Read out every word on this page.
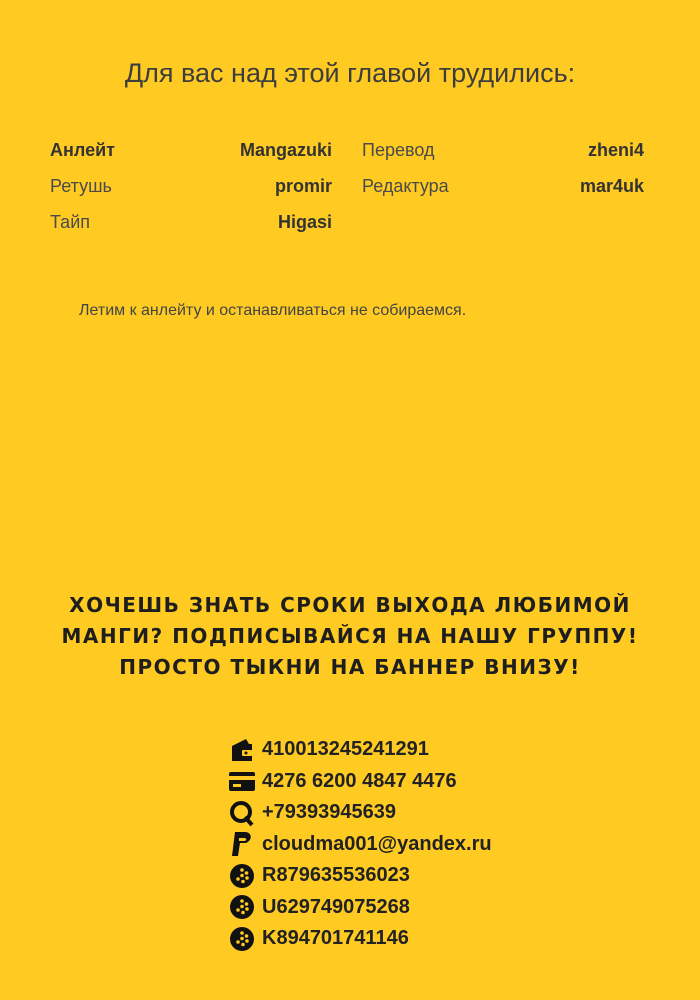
Для вас над этой главой трудились:
Анлейт	Mangazuki Перевод	zheni4
Ретушь	promir Редактура	mar4uk
Тайп	Higasi
Летим к анлейту и останавливаться не собираемся.
ХОЧЕШЬ ЗНАТЬ СРОКИ ВЫХОДА ЛЮБИМОЙ
МАНГИ? ПОДПИСЫВАЙСЯ НА НАШУ ГРУППУ!
ПРОСТО ТЫКНИ НА БАННЕР ВНИЗУ!
410013245241291
4276 6200 4847 4476
+79393945639
cloudma001@yandex.ru
R879635536023
U629749075268
K894701741146
